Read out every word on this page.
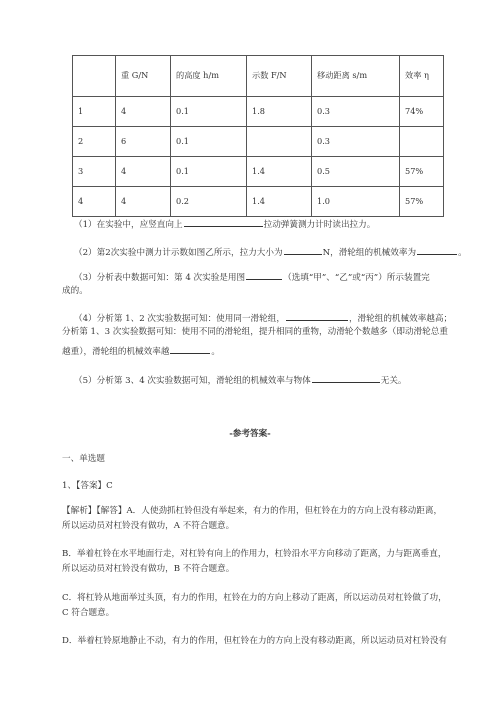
	重 G/N	的高度 h/m	示数 F/N	移动距离 s/m	效率 η
1	4	0.1	1.8	0.3	74%
2	6	0.1		0.3	
3	4	0.1	1.4	0.5	57%
4	4	0.2	1.4	1.0	57%
（1）在实验中，应竖直向上	拉动弹簧测力计时读出拉力。
（2）第2次实验中测力计示数如图乙所示，拉力大小为	N，滑轮组的机械效率为	。
（3）分析表中数据可知：第 4 次实验是用图	（选填“甲”、“乙”或“丙”）所示装置完
成的。
（4）分析第 1、2 次实验数据可知：使用同一滑轮组，	，滑轮组的机械效率越高；
分析第 1、3 次实验数据可知：使用不同的滑轮组，提升相同的重物，动滑轮个数越多（即动滑轮总重
越重），滑轮组的机械效率越	。
（5）分析第 3、4 次实验数据可知，滑轮组的机械效率与物体	无关。
-参考答案-
一、单选题
1、【答案】C
【解析】【解答】A．人使劲抓杠铃但没有举起来，有力的作用，但杠铃在力的方向上没有移动距离，
所以运动员对杠铃没有做功，A 不符合题意。
B．举着杠铃在水平地面行走，对杠铃有向上的作用力，杠铃沿水平方向移动了距离，力与距离垂直，
所以运动员对杠铃没有做功，B 不符合题意。
C．将杠铃从地面举过头顶，有力的作用，杠铃在力的方向上移动了距离，所以运动员对杠铃做了功，
C 符合题意。
D．举着杠铃原地静止不动，有力的作用，但杠铃在力的方向上没有移动距离，所以运动员对杠铃没有
